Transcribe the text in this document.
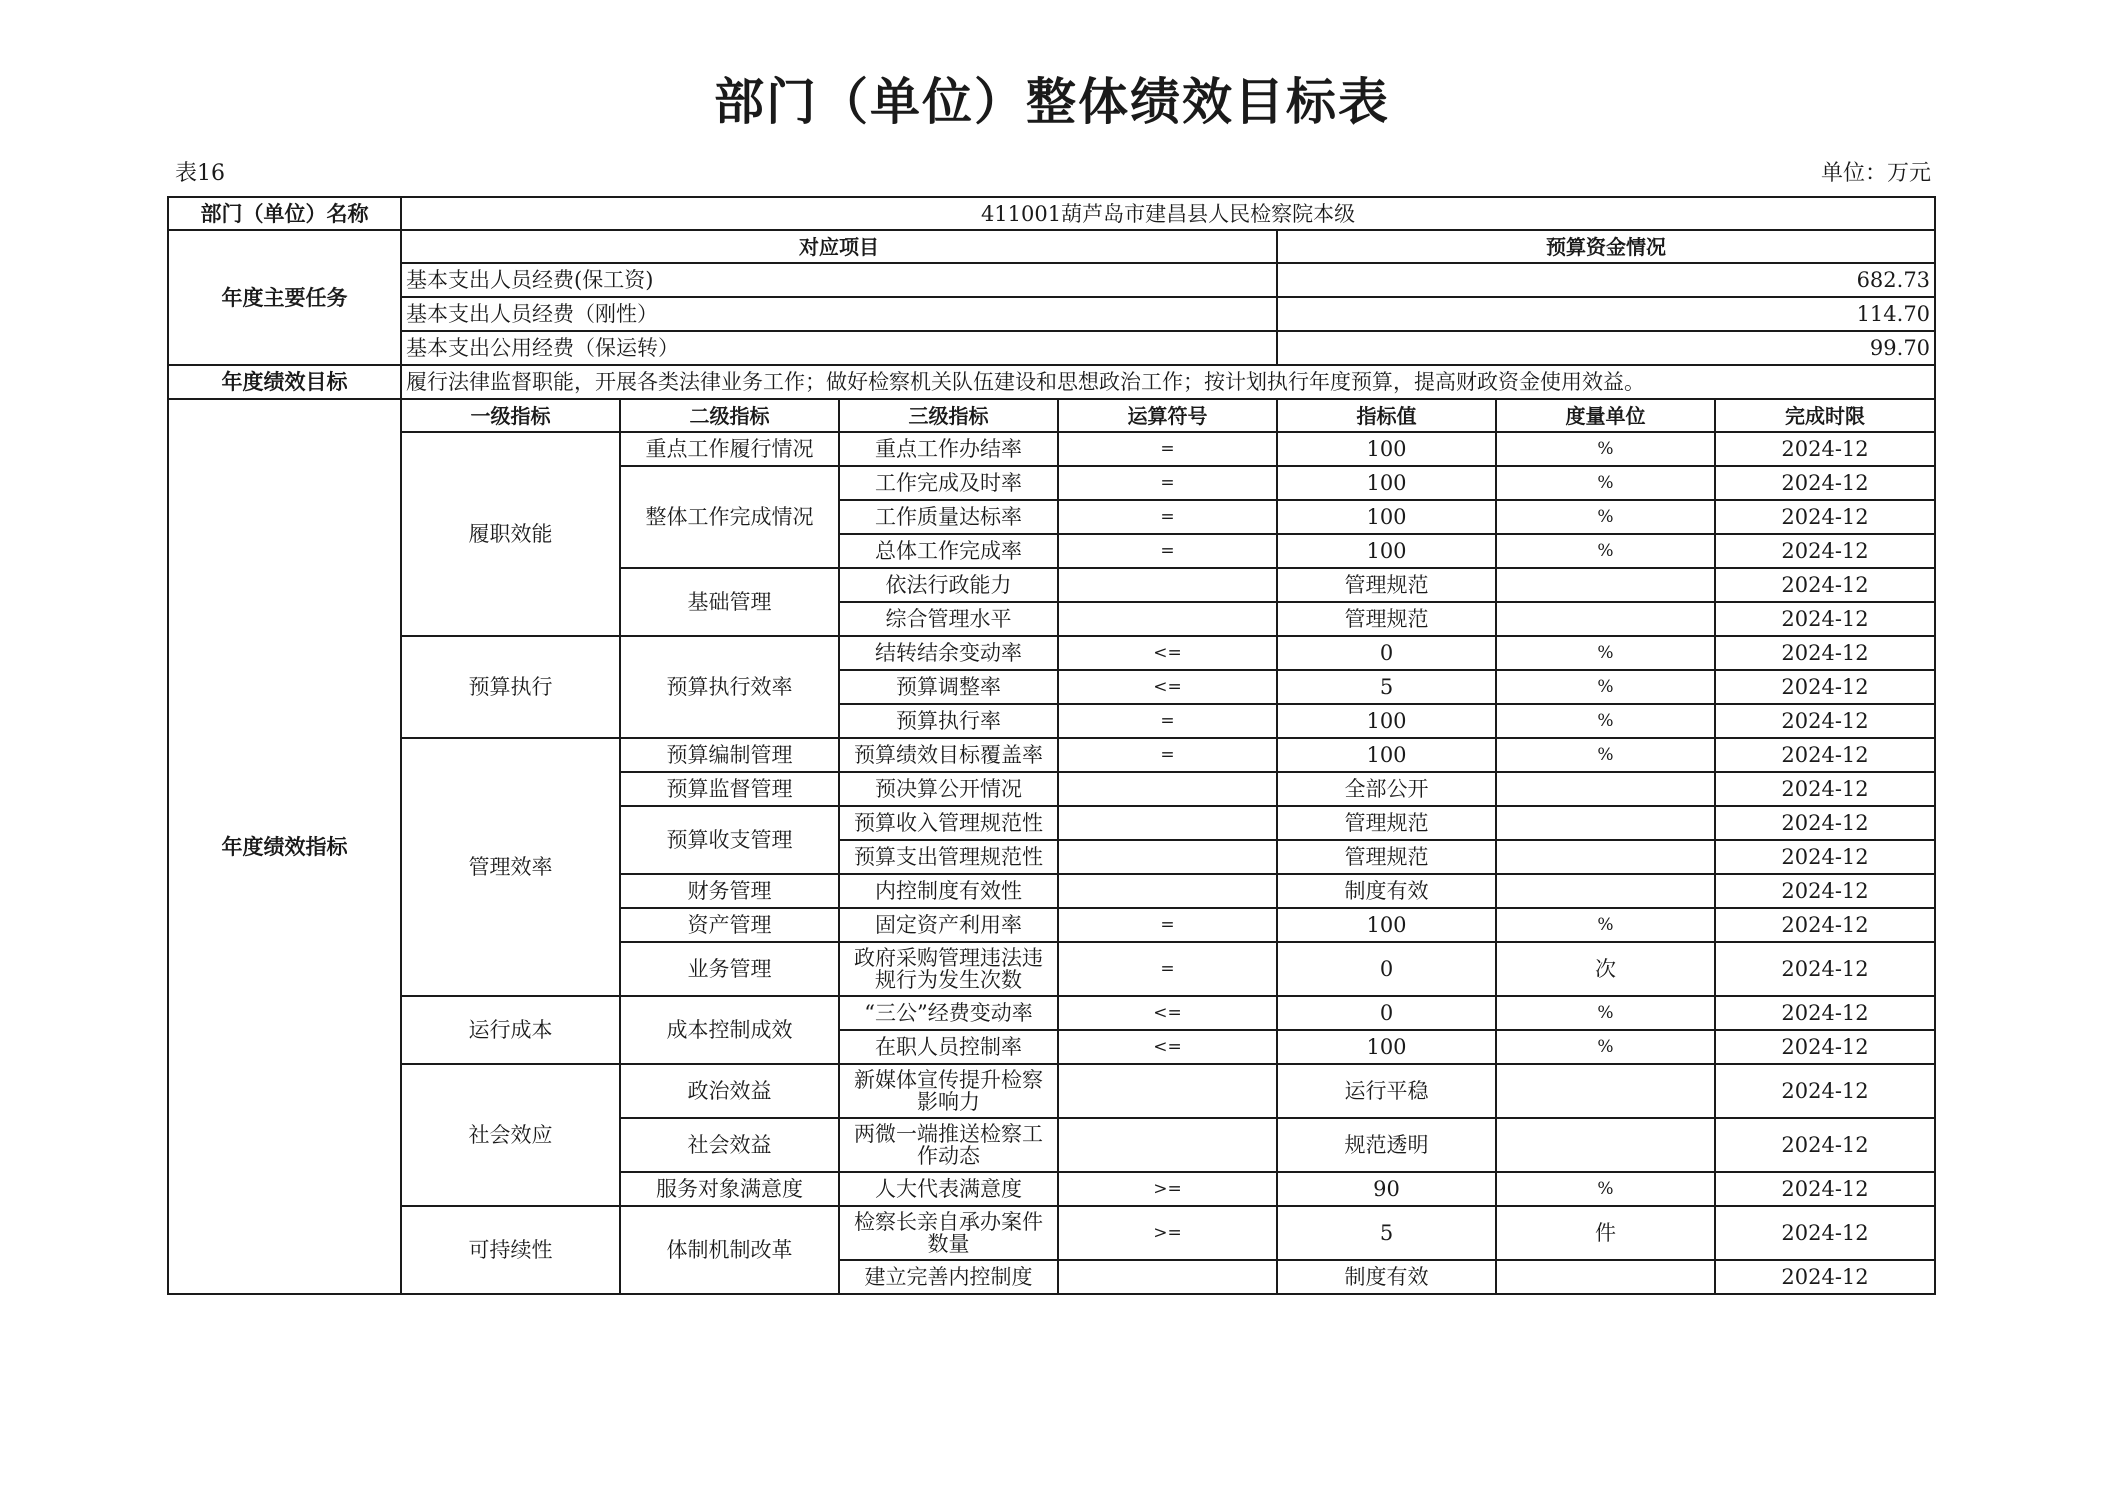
部门（单位）整体绩效目标表
表16	单位：万元
部门（单位）名称	411001葫芦岛市建昌县人民检察院本级						
年度主要任务	对应项目				预算资金情况		
	基本支出人员经费(保工资)				682.73		
	基本支出人员经费（刚性）				114.70		
	基本支出公用经费（保运转）				99.70		
年度绩效目标	履行法律监督职能，开展各类法律业务工作；做好检察机关队伍建设和思想政治工作；按计划执行年度预算，提高财政资金使用效益。						
年度绩效指标	一级指标	二级指标	三级指标	运算符号	指标值	度量单位	完成时限
	履职效能	重点工作履行情况	重点工作办结率	=	100	%	2024-12
		整体工作完成情况	工作完成及时率	=	100	%	2024-12
			工作质量达标率	=	100	%	2024-12
			总体工作完成率	=	100	%	2024-12
		基础管理	依法行政能力		管理规范		2024-12
			综合管理水平		管理规范		2024-12
	预算执行	预算执行效率	结转结余变动率	<=	0	%	2024-12
			预算调整率	<=	5	%	2024-12
			预算执行率	=	100	%	2024-12
	管理效率	预算编制管理	预算绩效目标覆盖率	=	100	%	2024-12
		预算监督管理	预决算公开情况		全部公开		2024-12
		预算收支管理	预算收入管理规范性		管理规范		2024-12
			预算支出管理规范性		管理规范		2024-12
		财务管理	内控制度有效性		制度有效		2024-12
		资产管理	固定资产利用率	=	100	%	2024-12
		业务管理	政府采购管理违法违规行为发生次数	=	0	次	2024-12
	运行成本	成本控制成效	“三公”经费变动率	<=	0	%	2024-12
			在职人员控制率	<=	100	%	2024-12
	社会效应	政治效益	新媒体宣传提升检察影响力		运行平稳		2024-12
		社会效益	两微一端推送检察工作动态		规范透明		2024-12
		服务对象满意度	人大代表满意度	>=	90	%	2024-12
	可持续性	体制机制改革	检察长亲自承办案件数量	>=	5	件	2024-12
			建立完善内控制度		制度有效		2024-12
